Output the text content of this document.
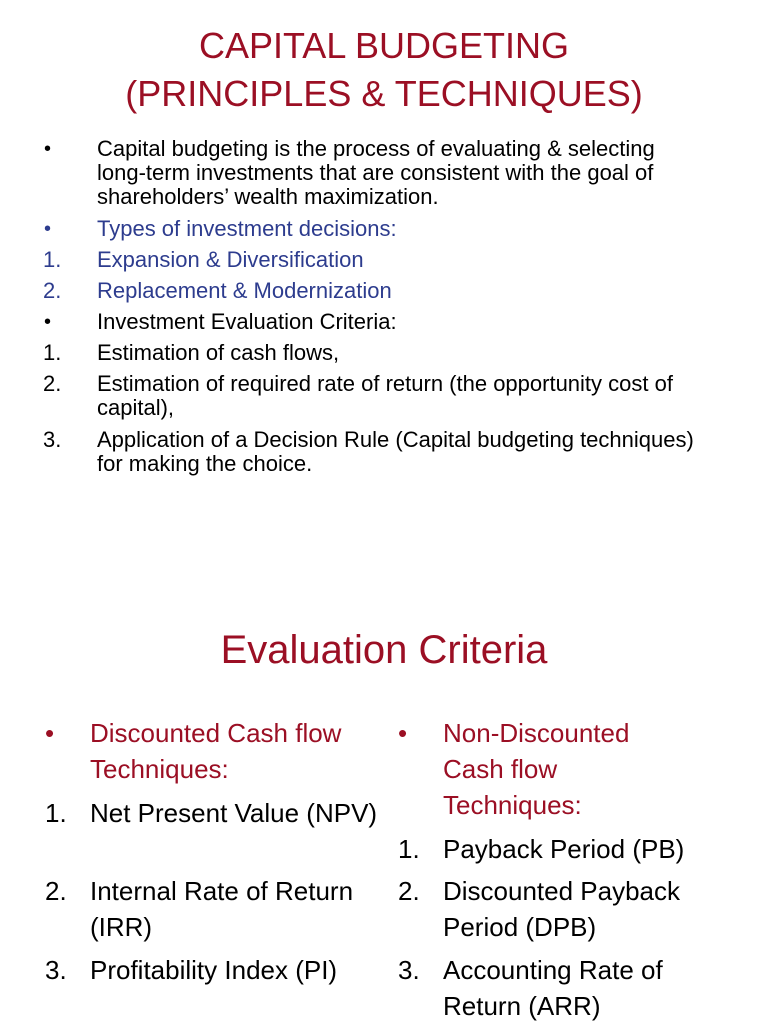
CAPITAL BUDGETING
(PRINCIPLES & TECHNIQUES)
• Capital budgeting is the process of evaluating & selecting long-term investments that are consistent with the goal of shareholders’ wealth maximization.
• Types of investment decisions:
1. Expansion & Diversification
2. Replacement & Modernization
• Investment Evaluation Criteria:
1. Estimation of cash flows,
2. Estimation of required rate of return (the opportunity cost of capital),
3. Application of a Decision Rule (Capital budgeting techniques) for making the choice.
Evaluation Criteria
• Discounted Cash flow Techniques:
1. Net Present Value (NPV)
2. Internal Rate of Return (IRR)
3. Profitability Index (PI)
• Non-Discounted Cash flow Techniques:
1. Payback Period (PB)
2. Discounted Payback Period (DPB)
3. Accounting Rate of Return (ARR)
